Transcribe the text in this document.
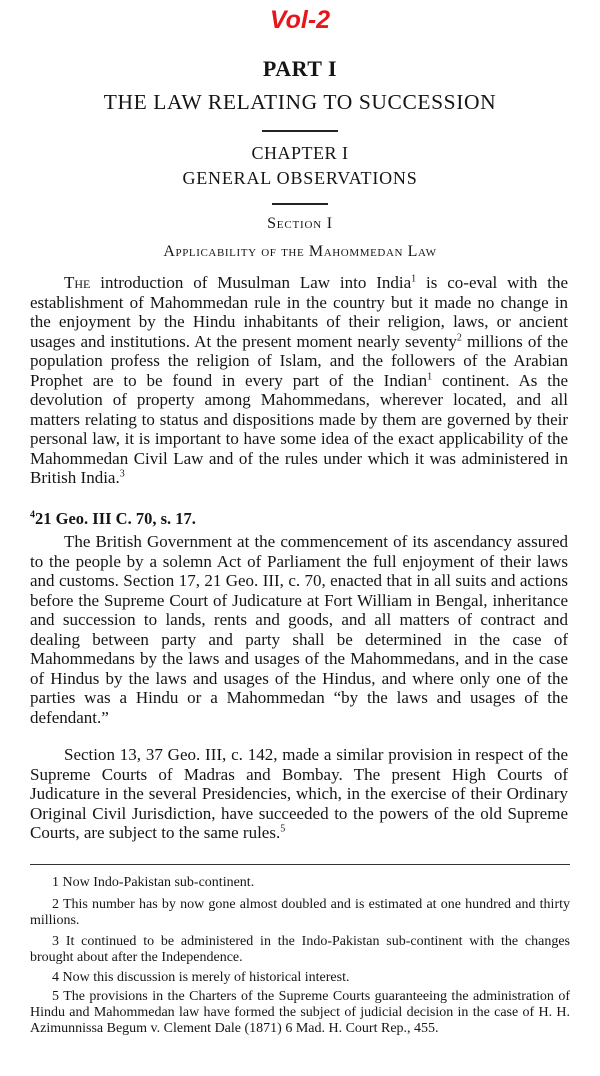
Vol-2
PART I
THE LAW RELATING TO SUCCESSION
CHAPTER I
GENERAL OBSERVATIONS
Section I
Applicability of the Mahommedan Law

The introduction of Musulman Law into India$^1$ is co-eval with the establishment of Mahommedan rule in the country but it made no change in the enjoyment by the Hindu inhabitants of their religion, laws, or ancient usages and institutions. At the present moment nearly seventy$^2$ millions of the population profess the religion of Islam, and the followers of the Arabian Prophet are to be found in every part of the Indian$^1$ continent. As the devolution of property among Mahommedans, wherever located, and all matters relating to status and dispositions made by them are governed by their personal law, it is important to have some idea of the exact applicability of the Mahommedan Civil Law and of the rules under which it was administered in British India.$^3$

$^4$21 Geo. III C. 70, s. 17.

The British Government at the commencement of its ascendancy assured to the people by a solemn Act of Parliament the full enjoyment of their laws and customs. Section 17, 21 Geo. III, c. 70, enacted that in all suits and actions before the Supreme Court of Judicature at Fort William in Bengal, inheritance and succession to lands, rents and goods, and all matters of contract and dealing between party and party shall be determined in the case of Mahommedans by the laws and usages of the Mahommedans, and in the case of Hindus by the laws and usages of the Hindus, and where only one of the parties was a Hindu or a Mahommedan “by the laws and usages of the defendant.”

Section 13, 37 Geo. III, c. 142, made a similar provision in respect of the Supreme Courts of Madras and Bombay. The present High Courts of Judicature in the several Presidencies, which, in the exercise of their Ordinary Original Civil Jurisdiction, have succeeded to the powers of the old Supreme Courts, are subject to the same rules.$^5$

1 Now Indo-Pakistan sub-continent.

2 This number has by now gone almost doubled and is estimated at one hundred and thirty millions.

3 It continued to be administered in the Indo-Pakistan sub-continent with the changes brought about after the Independence.

4 Now this discussion is merely of historical interest.

5 The provisions in the Charters of the Supreme Courts guaranteeing the administration of Hindu and Mahommedan law have formed the subject of judicial decision in the case of H. H. Azimunnissa Begum v. Clement Dale (1871) 6 Mad. H. Court Rep., 455.
